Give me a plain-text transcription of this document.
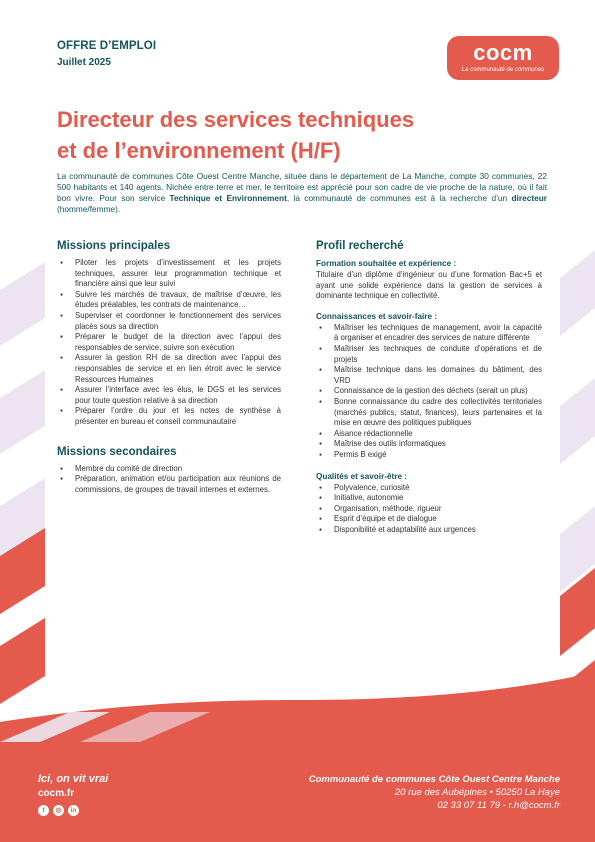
OFFRE D’EMPLOI
Juillet 2025	cocm
La communauté de communes
Directeur des services techniques
et de l’environnement (H/F)
La communauté de communes Côte Ouest Centre Manche, située dans le département de La Manche, compte 30 communes, 22 500 habitants et 140 agents. Nichée entre terre et mer, le territoire est apprécié pour son cadre de vie proche de la nature, où il fait bon vivre. Pour son service Technique et Environnement, la communauté de communes est à la recherche d’un directeur (homme/femme).
Missions principales
● Piloter les projets d’investissement et les projets techniques, assurer leur programmation technique et financière ainsi que leur suivi
● Suivre les marchés de travaux, de maîtrise d’œuvre, les études préalables, les contrats de maintenance…
● Superviser et coordonner le fonctionnement des services placés sous sa direction
● Préparer le budget de la direction avec l’appui des responsables de service, suivre son exécution
● Assurer la gestion RH de sa direction avec l’appui des responsables de service et en lien étroit avec le service Ressources Humaines
● Assurer l’interface avec les élus, le DGS et les services pour toute question relative à sa direction
● Préparer l’ordre du jour et les notes de synthèse à présenter en bureau et conseil communautaire
Missions secondaires
● Membre du comité de direction
● Préparation, animation et/ou participation aux réunions de commissions, de groupes de travail internes et externes.
Profil recherché
Formation souhaitée et expérience :
Titulaire d’un diplôme d’ingénieur ou d’une formation Bac+5 et ayant une solide expérience dans la gestion de services à dominante technique en collectivité.
Connaissances et savoir-faire :
● Maîtriser les techniques de management, avoir la capacité à organiser et encadrer des services de nature différente
● Maîtriser les techniques de conduite d’opérations et de projets
● Maîtrise technique dans les domaines du bâtiment, des VRD
● Connaissance de la gestion des déchets (serait un plus)
● Bonne connaissance du cadre des collectivités territoriales (marchés publics, statut, finances), leurs partenaires et la mise en œuvre des politiques publiques
● Aisance rédactionnelle
● Maîtrise des outils informatiques
● Permis B exigé
Qualités et savoir-être :
● Polyvalence, curiosité
● Initiative, autonomie
● Organisation, méthode, rigueur
● Esprit d’équipe et de dialogue
● Disponibilité et adaptabilité aux urgences
Ici, on vit vrai
cocm.fr
f	◎	in
Communauté de communes Côte Ouest Centre Manche
20 rue des Aubépines • 50250 La Haye
02 33 07 11 79 - r.h@cocm.fr
